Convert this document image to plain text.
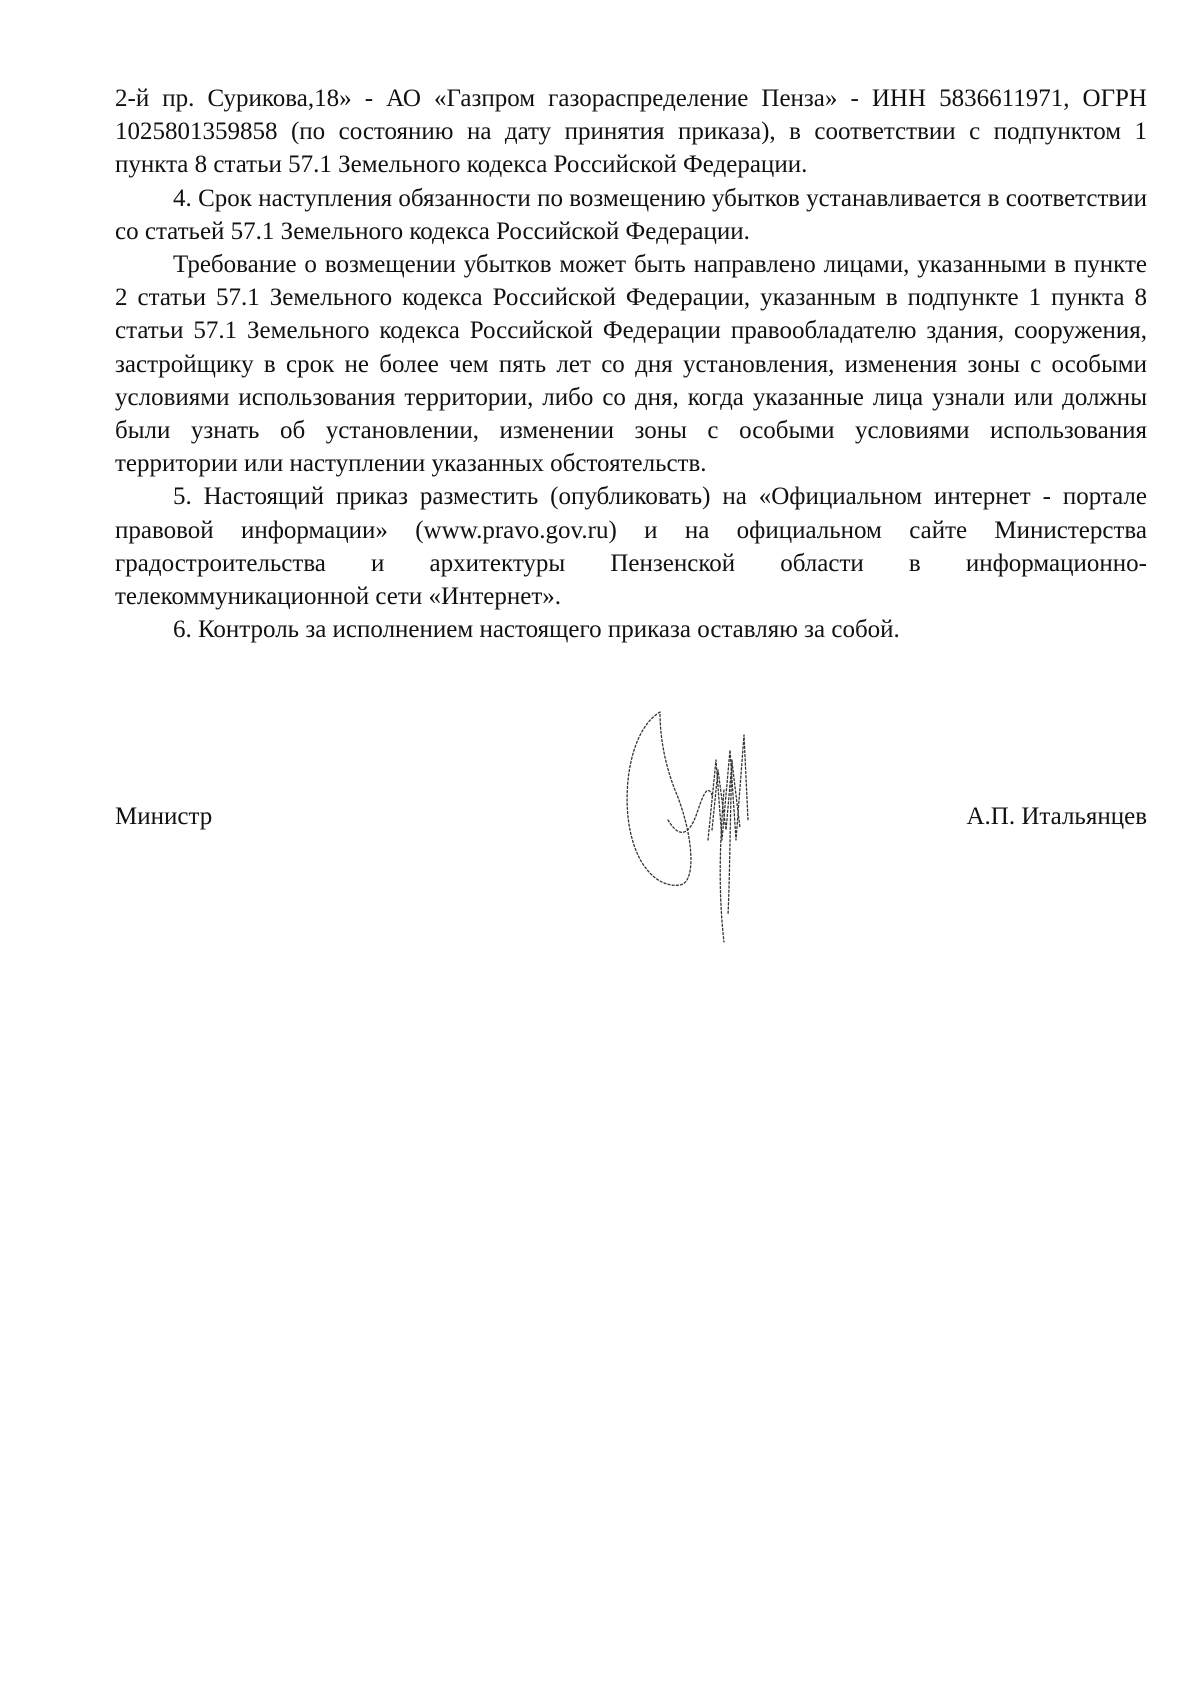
2-й пр. Сурикова,18» - АО «Газпром газораспределение Пенза» - ИНН 5836611971, ОГРН 1025801359858 (по состоянию на дату принятия приказа), в соответствии с подпунктом 1 пункта 8 статьи 57.1 Земельного кодекса Российской Федерации.

4. Срок наступления обязанности по возмещению убытков устанавливается в соответствии со статьей 57.1 Земельного кодекса Российской Федерации.

Требование о возмещении убытков может быть направлено лицами, указанными в пункте 2 статьи 57.1 Земельного кодекса Российской Федерации, указанным в подпункте 1 пункта 8 статьи 57.1 Земельного кодекса Российской Федерации правообладателю здания, сооружения, застройщику в срок не более чем пять лет со дня установления, изменения зоны с особыми условиями использования территории, либо со дня, когда указанные лица узнали или должны были узнать об установлении, изменении зоны с особыми условиями использования территории или наступлении указанных обстоятельств.

5. Настоящий приказ разместить (опубликовать) на «Официальном интернет - портале правовой информации» (www.pravo.gov.ru) и на официальном сайте Министерства градостроительства и архитектуры Пензенской области в информационно-телекоммуникационной сети «Интернет».

6. Контроль за исполнением настоящего приказа оставляю за собой.

Министр	А.П. Итальянцев
